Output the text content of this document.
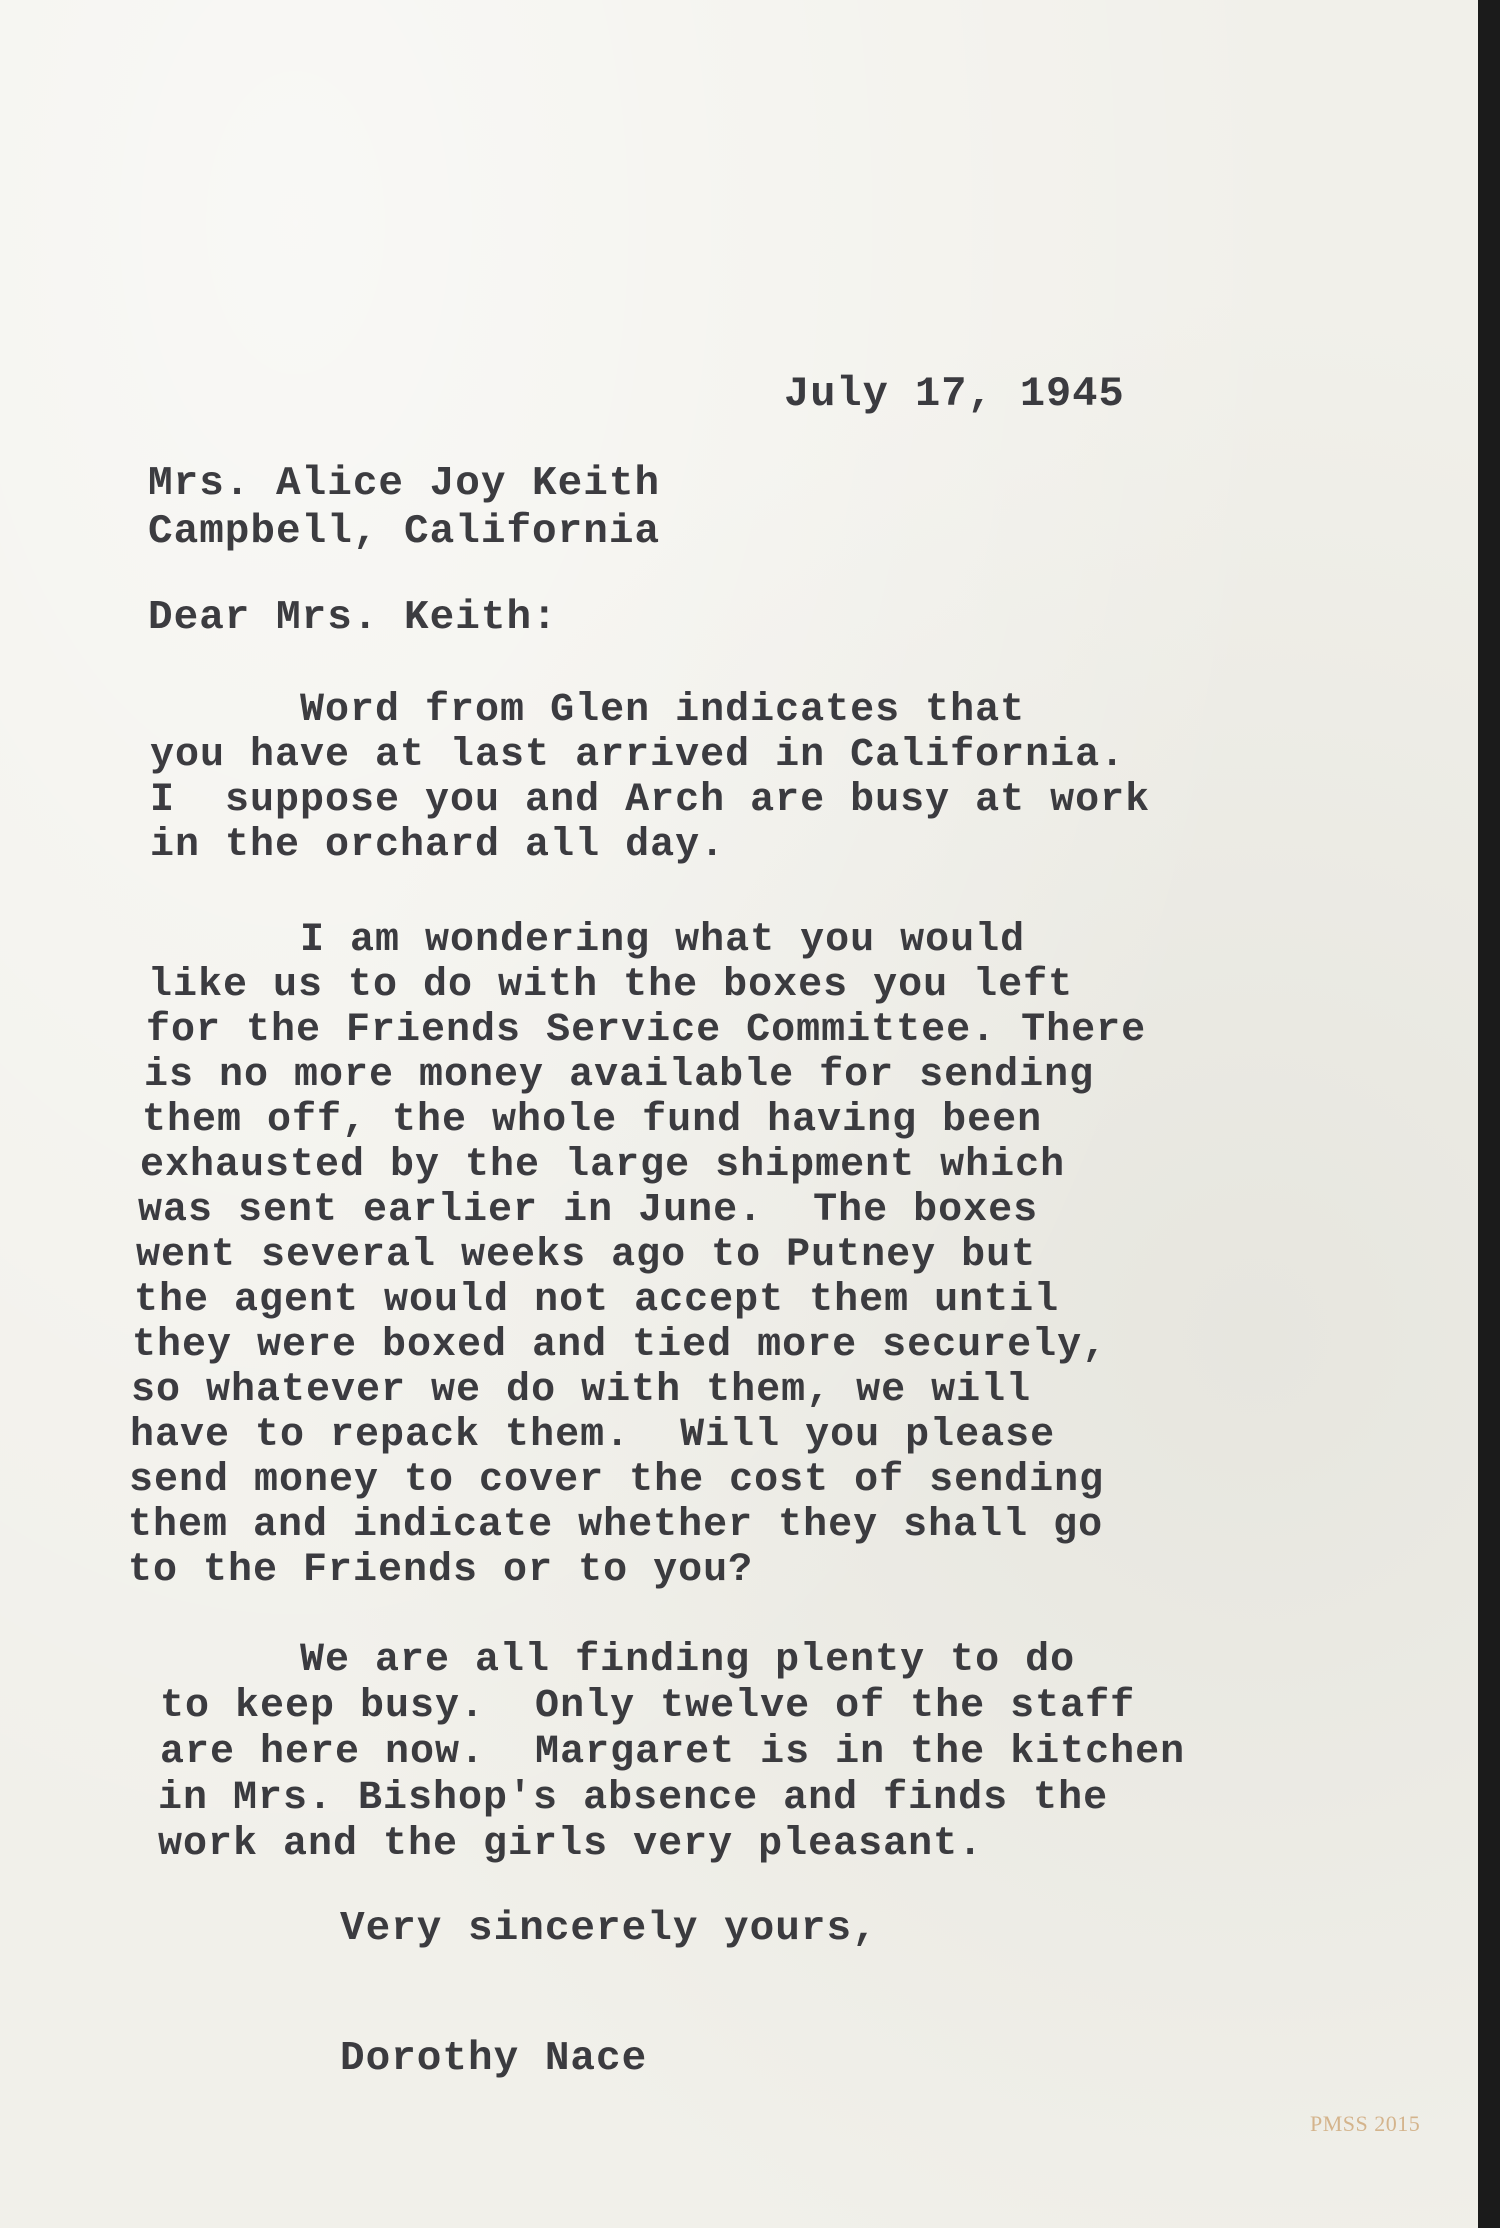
July 17, 1945
Mrs. Alice Joy Keith
Campbell, California
Dear Mrs. Keith:
Word from Glen indicates that
you have at last arrived in California.
I  suppose you and Arch are busy at work
in the orchard all day.
I am wondering what you would
like us to do with the boxes you left
for the Friends Service Committee. There
is no more money available for sending
them off, the whole fund having been
exhausted by the large shipment which
was sent earlier in June.  The boxes
went several weeks ago to Putney but
the agent would not accept them until
they were boxed and tied more securely,
so whatever we do with them, we will
have to repack them.  Will you please
send money to cover the cost of sending
them and indicate whether they shall go
to the Friends or to you?
We are all finding plenty to do
to keep busy.  Only twelve of the staff
are here now.  Margaret is in the kitchen
in Mrs. Bishop's absence and finds the
work and the girls very pleasant.
Very sincerely yours,
Dorothy Nace
PMSS 2015
